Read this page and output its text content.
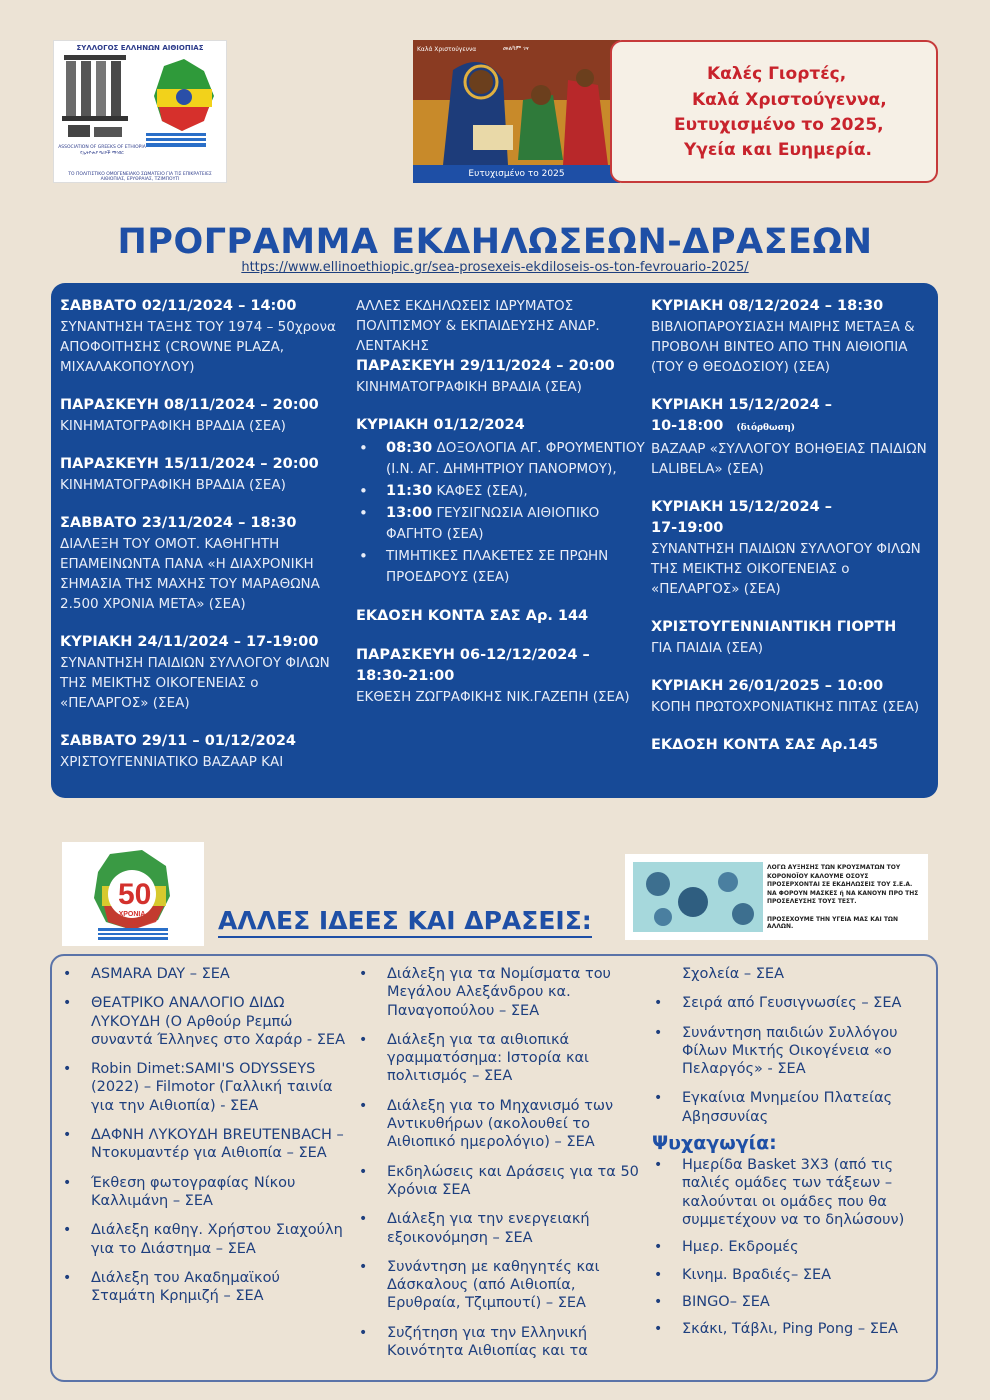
ΣΥΛΛΟΓΟΣ ΕΛΛΗΝΩΝ ΑΙΘΙΟΠΙΑΣ
ASSOCIATION OF GREEKS OF ETHIOPIA
የኢትዮጵያ ግሪኮች ማኅበር
ΤΟ ΠΟΛΙΤΙΣΤΙΚΟ ΟΜΟΓΕΝΕΙΑΚΟ ΣΩΜΑΤΕΙΟ ΓΙΑ ΤΙΣ ΕΠΙΚΡΑΤΕΙΕΣ ΑΙΘΙΟΠΙΑΣ, ΕΡΥΘΡΑΙΑΣ, ΤΖΙΜΠΟΥΤΙ
Καλά Χριστούγεννα	መልካም ገና
Ευτυχισμένο το 2025
Καλές Γιορτές,
Καλά Χριστούγεννα,
Ευτυχισμένο το 2025,
Υγεία και Ευημερία.
ΠΡΟΓΡΑΜΜΑ ΕΚΔΗΛΩΣΕΩΝ-ΔΡΑΣΕΩΝ
https://www.ellinoethiopic.gr/sea-prosexeis-ekdiloseis-os-ton-fevrouario-2025/
ΣΑΒΒΑΤΟ 02/11/2024 – 14:00
ΣΥΝΑΝΤΗΣΗ ΤΑΞΗΣ ΤΟΥ 1974 – 50χρονα ΑΠΟΦΟΙΤΗΣΗΣ (CROWNE PLAZA, ΜΙΧΑΛΑΚΟΠΟΥΛΟΥ)
ΠΑΡΑΣΚΕΥΗ 08/11/2024 – 20:00
ΚΙΝΗΜΑΤΟΓΡΑΦΙΚΗ ΒΡΑΔΙΑ (ΣΕΑ)
ΠΑΡΑΣΚΕΥΗ 15/11/2024 – 20:00
ΚΙΝΗΜΑΤΟΓΡΑΦΙΚΗ ΒΡΑΔΙΑ (ΣΕΑ)
ΣΑΒΒΑΤΟ 23/11/2024 – 18:30
ΔΙΑΛΕΞΗ ΤΟΥ ΟΜΟΤ. ΚΑΘΗΓΗΤΗ ΕΠΑΜΕΙΝΩΝΤΑ ΠΑΝΑ «Η ΔΙΑΧΡΟΝΙΚΗ ΣΗΜΑΣΙΑ ΤΗΣ ΜΑΧΗΣ ΤΟΥ ΜΑΡΑΘΩΝΑ 2.500 ΧΡΟΝΙΑ ΜΕΤΑ» (ΣΕΑ)
ΚΥΡΙΑΚΗ 24/11/2024 – 17-19:00
ΣΥΝΑΝΤΗΣΗ ΠΑΙΔΙΩΝ ΣΥΛΛΟΓΟΥ ΦΙΛΩΝ ΤΗΣ ΜΕΙΚΤΗΣ ΟΙΚΟΓΕΝΕΙΑΣ ο «ΠΕΛΑΡΓΟΣ» (ΣΕΑ)
ΣΑΒΒΑΤΟ 29/11 – 01/12/2024
ΧΡΙΣΤΟΥΓΕΝΝΙΑΤΙΚΟ ΒΑΖΑΑΡ ΚΑΙ
ΑΛΛΕΣ ΕΚΔΗΛΩΣΕΙΣ ΙΔΡΥΜΑΤΟΣ ΠΟΛΙΤΙΣΜΟΥ & ΕΚΠΑΙΔΕΥΣΗΣ ΑΝΔΡ. ΛΕΝΤΑΚΗΣ
ΠΑΡΑΣΚΕΥΗ 29/11/2024 – 20:00
ΚΙΝΗΜΑΤΟΓΡΑΦΙΚΗ ΒΡΑΔΙΑ (ΣΕΑ)
ΚΥΡΙΑΚΗ 01/12/2024
• 08:30 ΔΟΞΟΛΟΓΙΑ ΑΓ. ΦΡΟΥΜΕΝΤΙΟΥ (Ι.Ν. ΑΓ. ΔΗΜΗΤΡΙΟΥ ΠΑΝΟΡΜΟΥ),
• 11:30 ΚΑΦΕΣ (ΣΕΑ),
• 13:00 ΓΕΥΣΙΓΝΩΣΙΑ ΑΙΘΙΟΠΙΚΟ ΦΑΓΗΤΟ (ΣΕΑ)
• ΤΙΜΗΤΙΚΕΣ ΠΛΑΚΕΤΕΣ ΣΕ ΠΡΩΗΝ ΠΡΟΕΔΡΟΥΣ (ΣΕΑ)
ΕΚΔΟΣΗ ΚΟΝΤΑ ΣΑΣ Αρ. 144
ΠΑΡΑΣΚΕΥΗ 06-12/12/2024 –
18:30-21:00
ΕΚΘΕΣΗ ΖΩΓΡΑΦΙΚΗΣ ΝΙΚ.ΓΑΖΕΠΗ (ΣΕΑ)
ΚΥΡΙΑΚΗ 08/12/2024 – 18:30
ΒΙΒΛΙΟΠΑΡΟΥΣΙΑΣΗ ΜΑΙΡΗΣ ΜΕΤΑΞΑ & ΠΡΟΒΟΛΗ ΒΙΝΤΕΟ ΑΠΟ ΤΗΝ ΑΙΘΙΟΠΙΑ (ΤΟΥ Θ ΘΕΟΔΟΣΙΟΥ) (ΣΕΑ)
ΚΥΡΙΑΚΗ 15/12/2024 –
10-18:00 (διόρθωση)
ΒΑΖΑΑΡ «ΣΥΛΛΟΓΟΥ ΒΟΗΘΕΙΑΣ ΠΑΙΔΙΩΝ LALIBELA» (ΣΕΑ)
ΚΥΡΙΑΚΗ 15/12/2024 –
17-19:00
ΣΥΝΑΝΤΗΣΗ ΠΑΙΔΙΩΝ ΣΥΛΛΟΓΟΥ ΦΙΛΩΝ ΤΗΣ ΜΕΙΚΤΗΣ ΟΙΚΟΓΕΝΕΙΑΣ ο «ΠΕΛΑΡΓΟΣ» (ΣΕΑ)
ΧΡΙΣΤΟΥΓΕΝΝΙΑΝΤΙΚΗ ΓΙΟΡΤΗ
ΓΙΑ ΠΑΙΔΙΑ (ΣΕΑ)
ΚΥΡΙΑΚΗ 26/01/2025 – 10:00
ΚΟΠΗ ΠΡΩΤΟΧΡΟΝΙΑΤΙΚΗΣ ΠΙΤΑΣ (ΣΕΑ)
ΕΚΔΟΣΗ ΚΟΝΤΑ ΣΑΣ Αρ.145
50
ΧΡΟΝΙΑ
Σ.Ε.Α.	ΑΛΛΕΣ ΙΔΕΕΣ ΚΑΙ ΔΡΑΣΕΙΣ:
ΛΟΓΩ ΑΥΞΗΣΗΣ ΤΩΝ ΚΡΟΥΣΜΑΤΩΝ ΤΟΥ ΚΟΡΟΝΟΪΟΥ ΚΑΛΟΥΜΕ ΟΣΟΥΣ ΠΡΟΣΕΡΧΟΝΤΑΙ ΣΕ ΕΚΔΗΛΩΣΕΙΣ ΤΟΥ Σ.Ε.Α. ΝΑ ΦΟΡΟΥΝ ΜΑΣΚΕΣ ή ΝΑ ΚΑΝΟΥΝ ΠΡΟ ΤΗΣ ΠΡΟΣΕΛΕΥΣΗΣ ΤΟΥΣ ΤΕΣΤ.
ΠΡΟΣΕΧΟΥΜΕ ΤΗΝ ΥΓΕΙΑ ΜΑΣ ΚΑΙ ΤΩΝ ΑΛΛΩΝ.
• ASMARA DAY – ΣΕΑ
• ΘΕΑΤΡΙΚΟ ΑΝΑΛΟΓΙΟ ΔΙΔΩ ΛΥΚΟΥΔΗ (Ο Αρθούρ Ρεμπώ συναντά Έλληνες στο Χαράρ - ΣΕΑ
• Robin Dimet:SAMI'S ODYSSEYS (2022) – Filmotor (Γαλλική ταινία για την Αιθιοπία) - ΣΕΑ
• ΔΑΦΝΗ ΛΥΚΟΥΔΗ BREUTENBACH – Ντοκυμαντέρ για Αιθιοπία – ΣΕΑ
• Έκθεση φωτογραφίας Νίκου Καλλιμάνη – ΣΕΑ
• Διάλεξη καθηγ. Χρήστου Σιαχούλη για το Διάστημα – ΣΕΑ
• Διάλεξη του Ακαδημαϊκού Σταμάτη Κρημιζή – ΣΕΑ
• Διάλεξη για τα Νομίσματα του Μεγάλου Αλεξάνδρου κα. Παναγοπούλου – ΣΕΑ
• Διάλεξη για τα αιθιοπικά γραμματόσημα: Ιστορία και πολιτισμός – ΣΕΑ
• Διάλεξη για το Μηχανισμό των Αντικυθήρων (ακολουθεί το Αιθιοπικό ημερολόγιο) – ΣΕΑ
• Εκδηλώσεις και Δράσεις για τα 50 Χρόνια ΣΕΑ
• Διάλεξη για την ενεργειακή εξοικονόμηση – ΣΕΑ
• Συνάντηση με καθηγητές και Δάσκαλους (από Αιθιοπία, Ερυθραία, Τζιμπουτί) – ΣΕΑ
• Συζήτηση για την Ελληνική Κοινότητα Αιθιοπίας και τα
Σχολεία – ΣΕΑ
• Σειρά από Γευσιγνωσίες – ΣΕΑ
• Συνάντηση παιδιών Συλλόγου Φίλων Μικτής Οικογένεια «ο Πελαργός» - ΣΕΑ
• Εγκαίνια Μνημείου Πλατείας Αβησσυνίας
Ψυχαγωγία:
• Ημερίδα Basket 3X3 (από τις παλιές ομάδες των τάξεων – καλούνται οι ομάδες που θα συμμετέχουν να το δηλώσουν)
• Ημερ. Εκδρομές
• Κινημ. Βραδιές– ΣΕΑ
• BINGO– ΣΕΑ
• Σκάκι, Τάβλι, Ping Pong – ΣΕΑ
